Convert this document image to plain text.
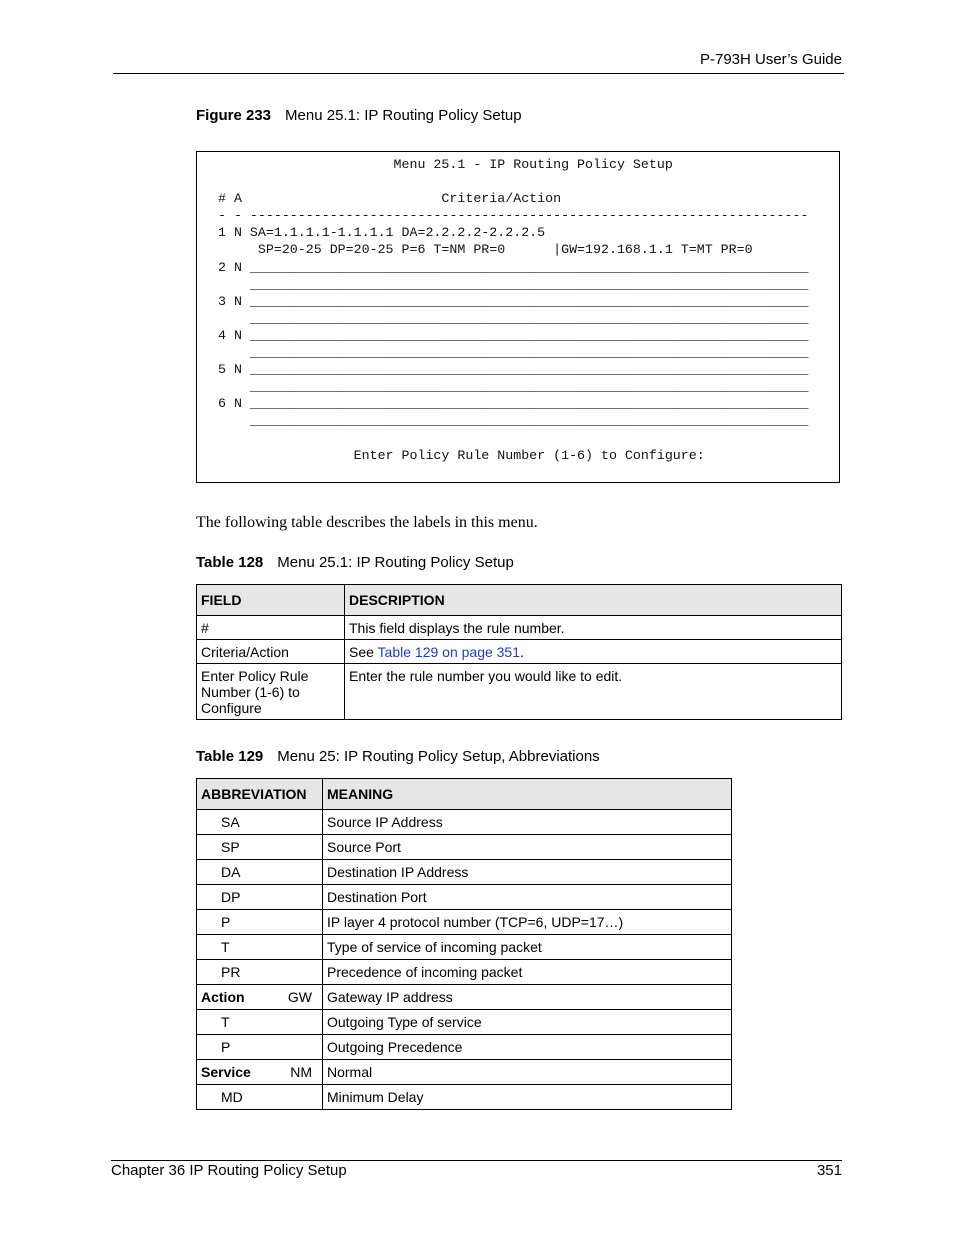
P-793H User’s Guide
Figure 233 Menu 25.1: IP Routing Policy Setup
Menu 25.1 - IP Routing Policy Setup

# A                         Criteria/Action
- - ----------------------------------------------------------------------
1 N SA=1.1.1.1-1.1.1.1 DA=2.2.2.2-2.2.2.5
SP=20-25 DP=20-25 P=6 T=NM PR=0      |GW=192.168.1.1 T=MT PR=0
2 N ______________________________________________________________________
______________________________________________________________________
3 N ______________________________________________________________________
______________________________________________________________________
4 N ______________________________________________________________________
______________________________________________________________________
5 N ______________________________________________________________________
______________________________________________________________________
6 N ______________________________________________________________________
______________________________________________________________________

Enter Policy Rule Number (1-6) to Configure:
The following table describes the labels in this menu.
Table 128 Menu 25.1: IP Routing Policy Setup
FIELD	DESCRIPTION
#	This field displays the rule number.
Criteria/Action	See Table 129 on page 351.
Enter Policy Rule Number (1-6) to Configure	Enter the rule number you would like to edit.
Table 129 Menu 25: IP Routing Policy Setup, Abbreviations
ABBREVIATION	MEANING
SA	Source IP Address
SP	Source Port
DA	Destination IP Address
DP	Destination Port
P	IP layer 4 protocol number (TCP=6, UDP=17…)
T	Type of service of incoming packet
PR	Precedence of incoming packet
Action GW	Gateway IP address
T	Outgoing Type of service
P	Outgoing Precedence
Service NM	Normal
MD	Minimum Delay
Chapter 36 IP Routing Policy Setup	351
